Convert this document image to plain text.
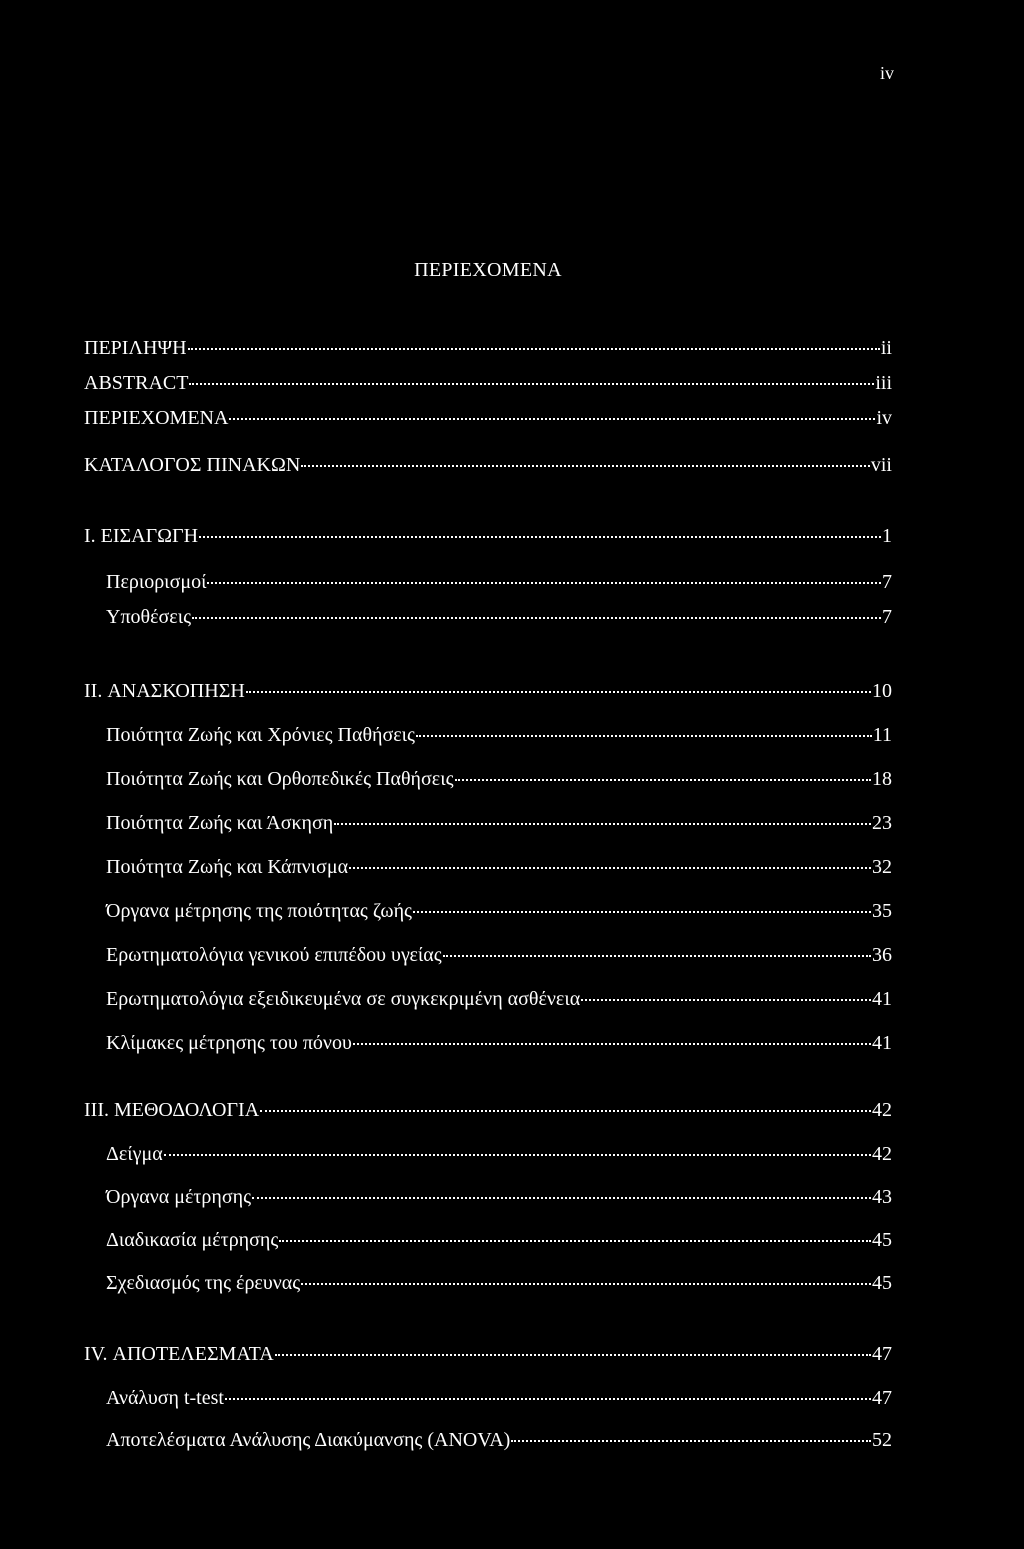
iv
ΠΕΡΙΕΧΟΜΕΝΑ
ΠΕΡΙΛΗΨΗ	ii
ABSTRACT	iii
ΠΕΡΙΕΧΟΜΕΝΑ	iv
ΚΑΤΑΛΟΓΟΣ ΠΙΝΑΚΩΝ	vii
I. ΕΙΣΑΓΩΓΗ	1
Περιορισμοί	7
Υποθέσεις	7
II. ΑΝΑΣΚΟΠΗΣΗ	10
Ποιότητα Ζωής και Χρόνιες Παθήσεις	11
Ποιότητα Ζωής και Ορθοπεδικές Παθήσεις	18
Ποιότητα Ζωής και Άσκηση	23
Ποιότητα Ζωής και Κάπνισμα	32
Όργανα μέτρησης της ποιότητας ζωής	35
Ερωτηματολόγια γενικού επιπέδου υγείας	36
Ερωτηματολόγια εξειδικευμένα σε συγκεκριμένη ασθένεια	41
Κλίμακες μέτρησης του πόνου	41
III. ΜΕΘΟΔΟΛΟΓΙΑ	42
Δείγμα	42
Όργανα μέτρησης	43
Διαδικασία μέτρησης	45
Σχεδιασμός της έρευνας	45
IV. ΑΠΟΤΕΛΕΣΜΑΤΑ	47
Ανάλυση t-test	47
Αποτελέσματα Ανάλυσης Διακύμανσης (ANOVA)	52
